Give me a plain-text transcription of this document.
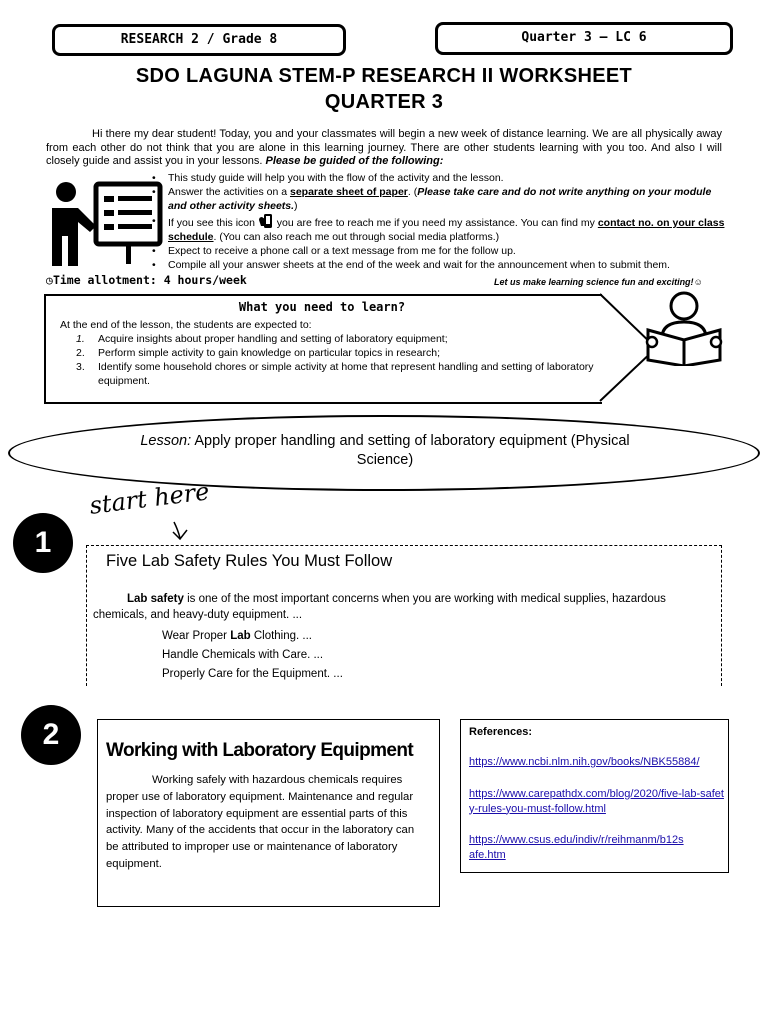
RESEARCH 2 / Grade 8	Quarter 3 – LC 6
SDO LAGUNA STEM-P RESEARCH II WORKSHEET
QUARTER 3
Hi there my dear student! Today, you and your classmates will begin a new week of distance learning. We are all physically away from each other do not think that you are alone in this learning journey. There are other students learning with you too. And also I will closely guide and assist you in your lessons. Please be guided of the following:
• This study guide will help you with the flow of the activity and the lesson.
• Answer the activities on a separate sheet of paper. (Please take care and do not write anything on your module and other activity sheets.)
• If you see this icon  you are free to reach me if you need my assistance. You can find my contact no. on your class schedule. (You can also reach me out through social media platforms.)
• Expect to receive a phone call or a text message from me for the follow up.
• Compile all your answer sheets at the end of the week and wait for the announcement when to submit them.
◷Time allotment: 4 hours/week	Let us make learning science fun and exciting!☺
What you need to learn?
At the end of the lesson, the students are expected to:
1. Acquire insights about proper handling and setting of laboratory equipment;
2. Perform simple activity to gain knowledge on particular topics in research;
3. Identify some household chores or simple activity at home that represent handling and setting of laboratory equipment.
Lesson: Apply proper handling and setting of laboratory equipment (Physical Science)
1
start here
Five Lab Safety Rules You Must Follow
Lab safety is one of the most important concerns when you are working with medical supplies, hazardous chemicals, and heavy-duty equipment. ...
Wear Proper Lab Clothing. ...
Handle Chemicals with Care. ...
Properly Care for the Equipment. ...
2	Working with Laboratory Equipment
Working safely with hazardous chemicals requires proper use of laboratory equipment. Maintenance and regular inspection of laboratory equipment are essential parts of this activity. Many of the accidents that occur in the laboratory can be attributed to improper use or maintenance of laboratory equipment.
References:
https://www.ncbi.nlm.nih.gov/books/NBK55884/
https://www.carepathdx.com/blog/2020/five-lab-safety-rules-you-must-follow.html
https://www.csus.edu/indiv/r/reihmanm/b12safe.htm
